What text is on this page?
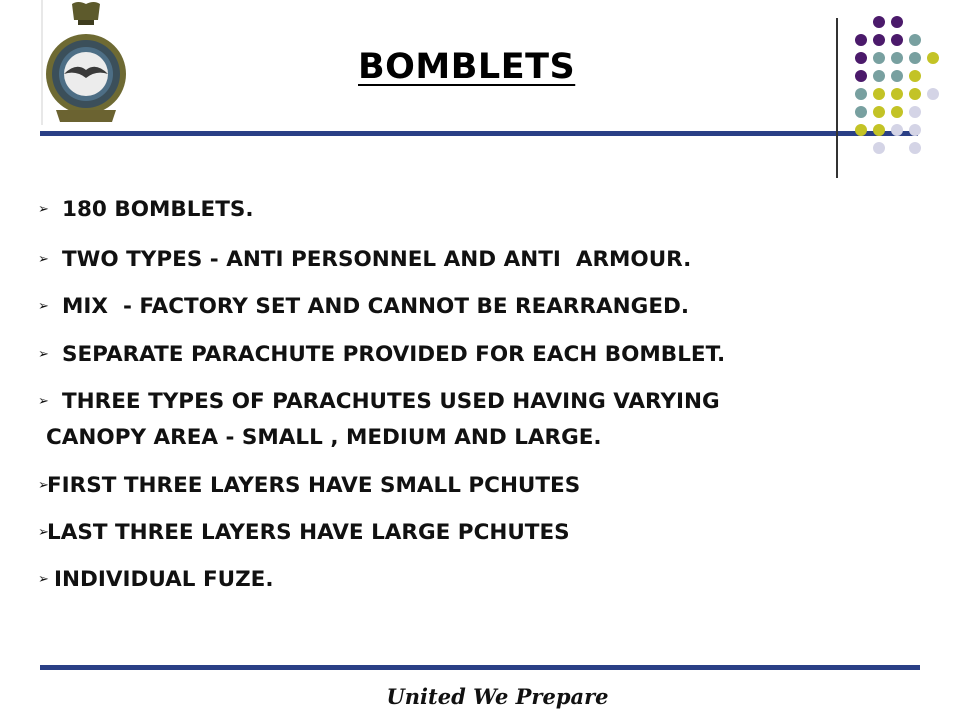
BOMBLETS
➢ 180 BOMBLETS.
➢ TWO TYPES - ANTI PERSONNEL AND ANTI  ARMOUR.
➢ MIX  - FACTORY SET AND CANNOT BE REARRANGED.
➢ SEPARATE PARACHUTE PROVIDED FOR EACH BOMBLET.
➢ THREE TYPES OF PARACHUTES USED HAVING VARYING
CANOPY AREA - SMALL , MEDIUM AND LARGE.
➢
FIRST THREE LAYERS HAVE SMALL PCHUTES
➢
LAST THREE LAYERS HAVE LARGE PCHUTES
➢ INDIVIDUAL FUZE.
United We Prepare
